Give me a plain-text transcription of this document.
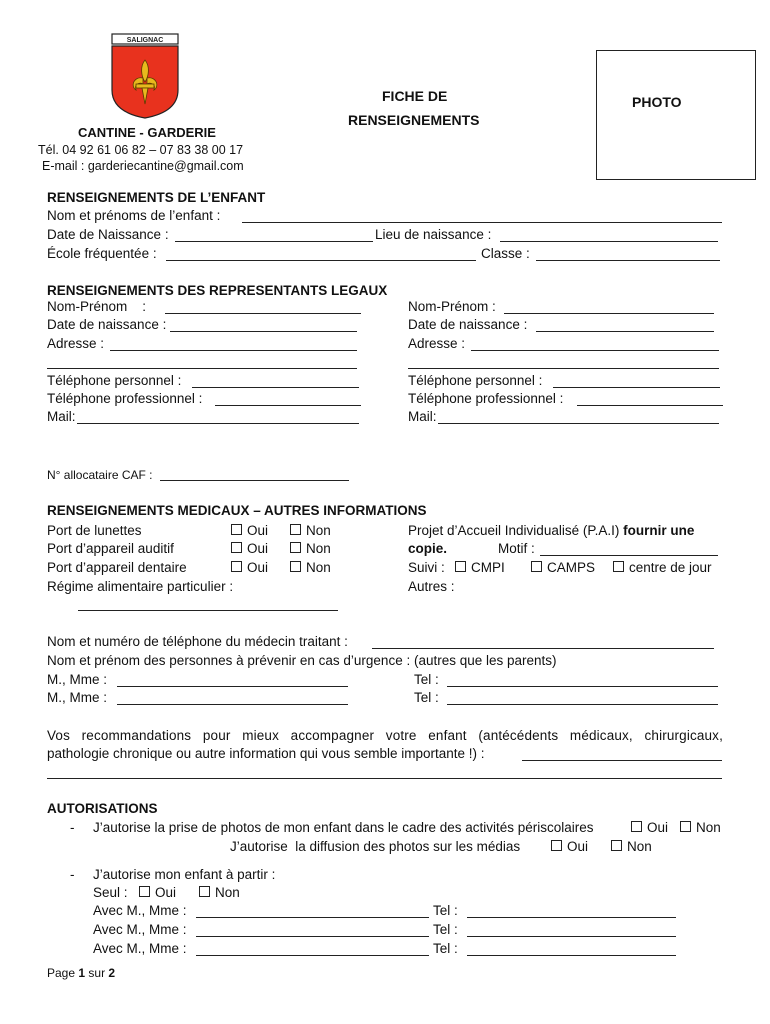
SALIGNAC
CANTINE - GARDERIE
Tél. 04 92 61 06 82 – 07 83 38 00 17
E-mail : garderiecantine@gmail.com
FICHE DE
RENSEIGNEMENTS
PHOTO
RENSEIGNEMENTS DE L’ENFANT
Nom et prénoms de l’enfant :
Date de Naissance :	Lieu de naissance :
École fréquentée :	Classe :
RENSEIGNEMENTS DES REPRESENTANTS LEGAUX
Nom-Prénom    :
Date de naissance :
Adresse :
Téléphone personnel :
Téléphone professionnel :
Mail:
Nom-Prénom :
Date de naissance :
Adresse :
Téléphone personnel :
Téléphone professionnel :
Mail:
N° allocataire CAF :
RENSEIGNEMENTS MEDICAUX – AUTRES INFORMATIONS
Port de lunettes	Oui	Non
Port d’appareil auditif	Oui	Non
Port d’appareil dentaire	Oui	Non
Régime alimentaire particulier :
Projet d’Accueil Individualisé (P.A.I) fournir une
copie.	Motif :
Suivi :	CMPI	CAMPS	centre de jour
Autres :
Nom et numéro de téléphone du médecin traitant :
Nom et prénom des personnes à prévenir en cas d’urgence : (autres que les parents)
M., Mme :	Tel :
M., Mme :	Tel :
Vos recommandations pour mieux accompagner votre enfant (antécédents médicaux, chirurgicaux,
pathologie chronique ou autre information qui vous semble importante !) :
AUTORISATIONS
- J’autorise la prise de photos de mon enfant dans le cadre des activités périscolaires	Oui	Non
J’autorise  la diffusion des photos sur les médias	Oui	Non
- J’autorise mon enfant à partir :
Seul :	Oui	Non
Avec M., Mme :	Tel :
Avec M., Mme :	Tel :
Avec M., Mme :	Tel :
Page 1 sur 2
